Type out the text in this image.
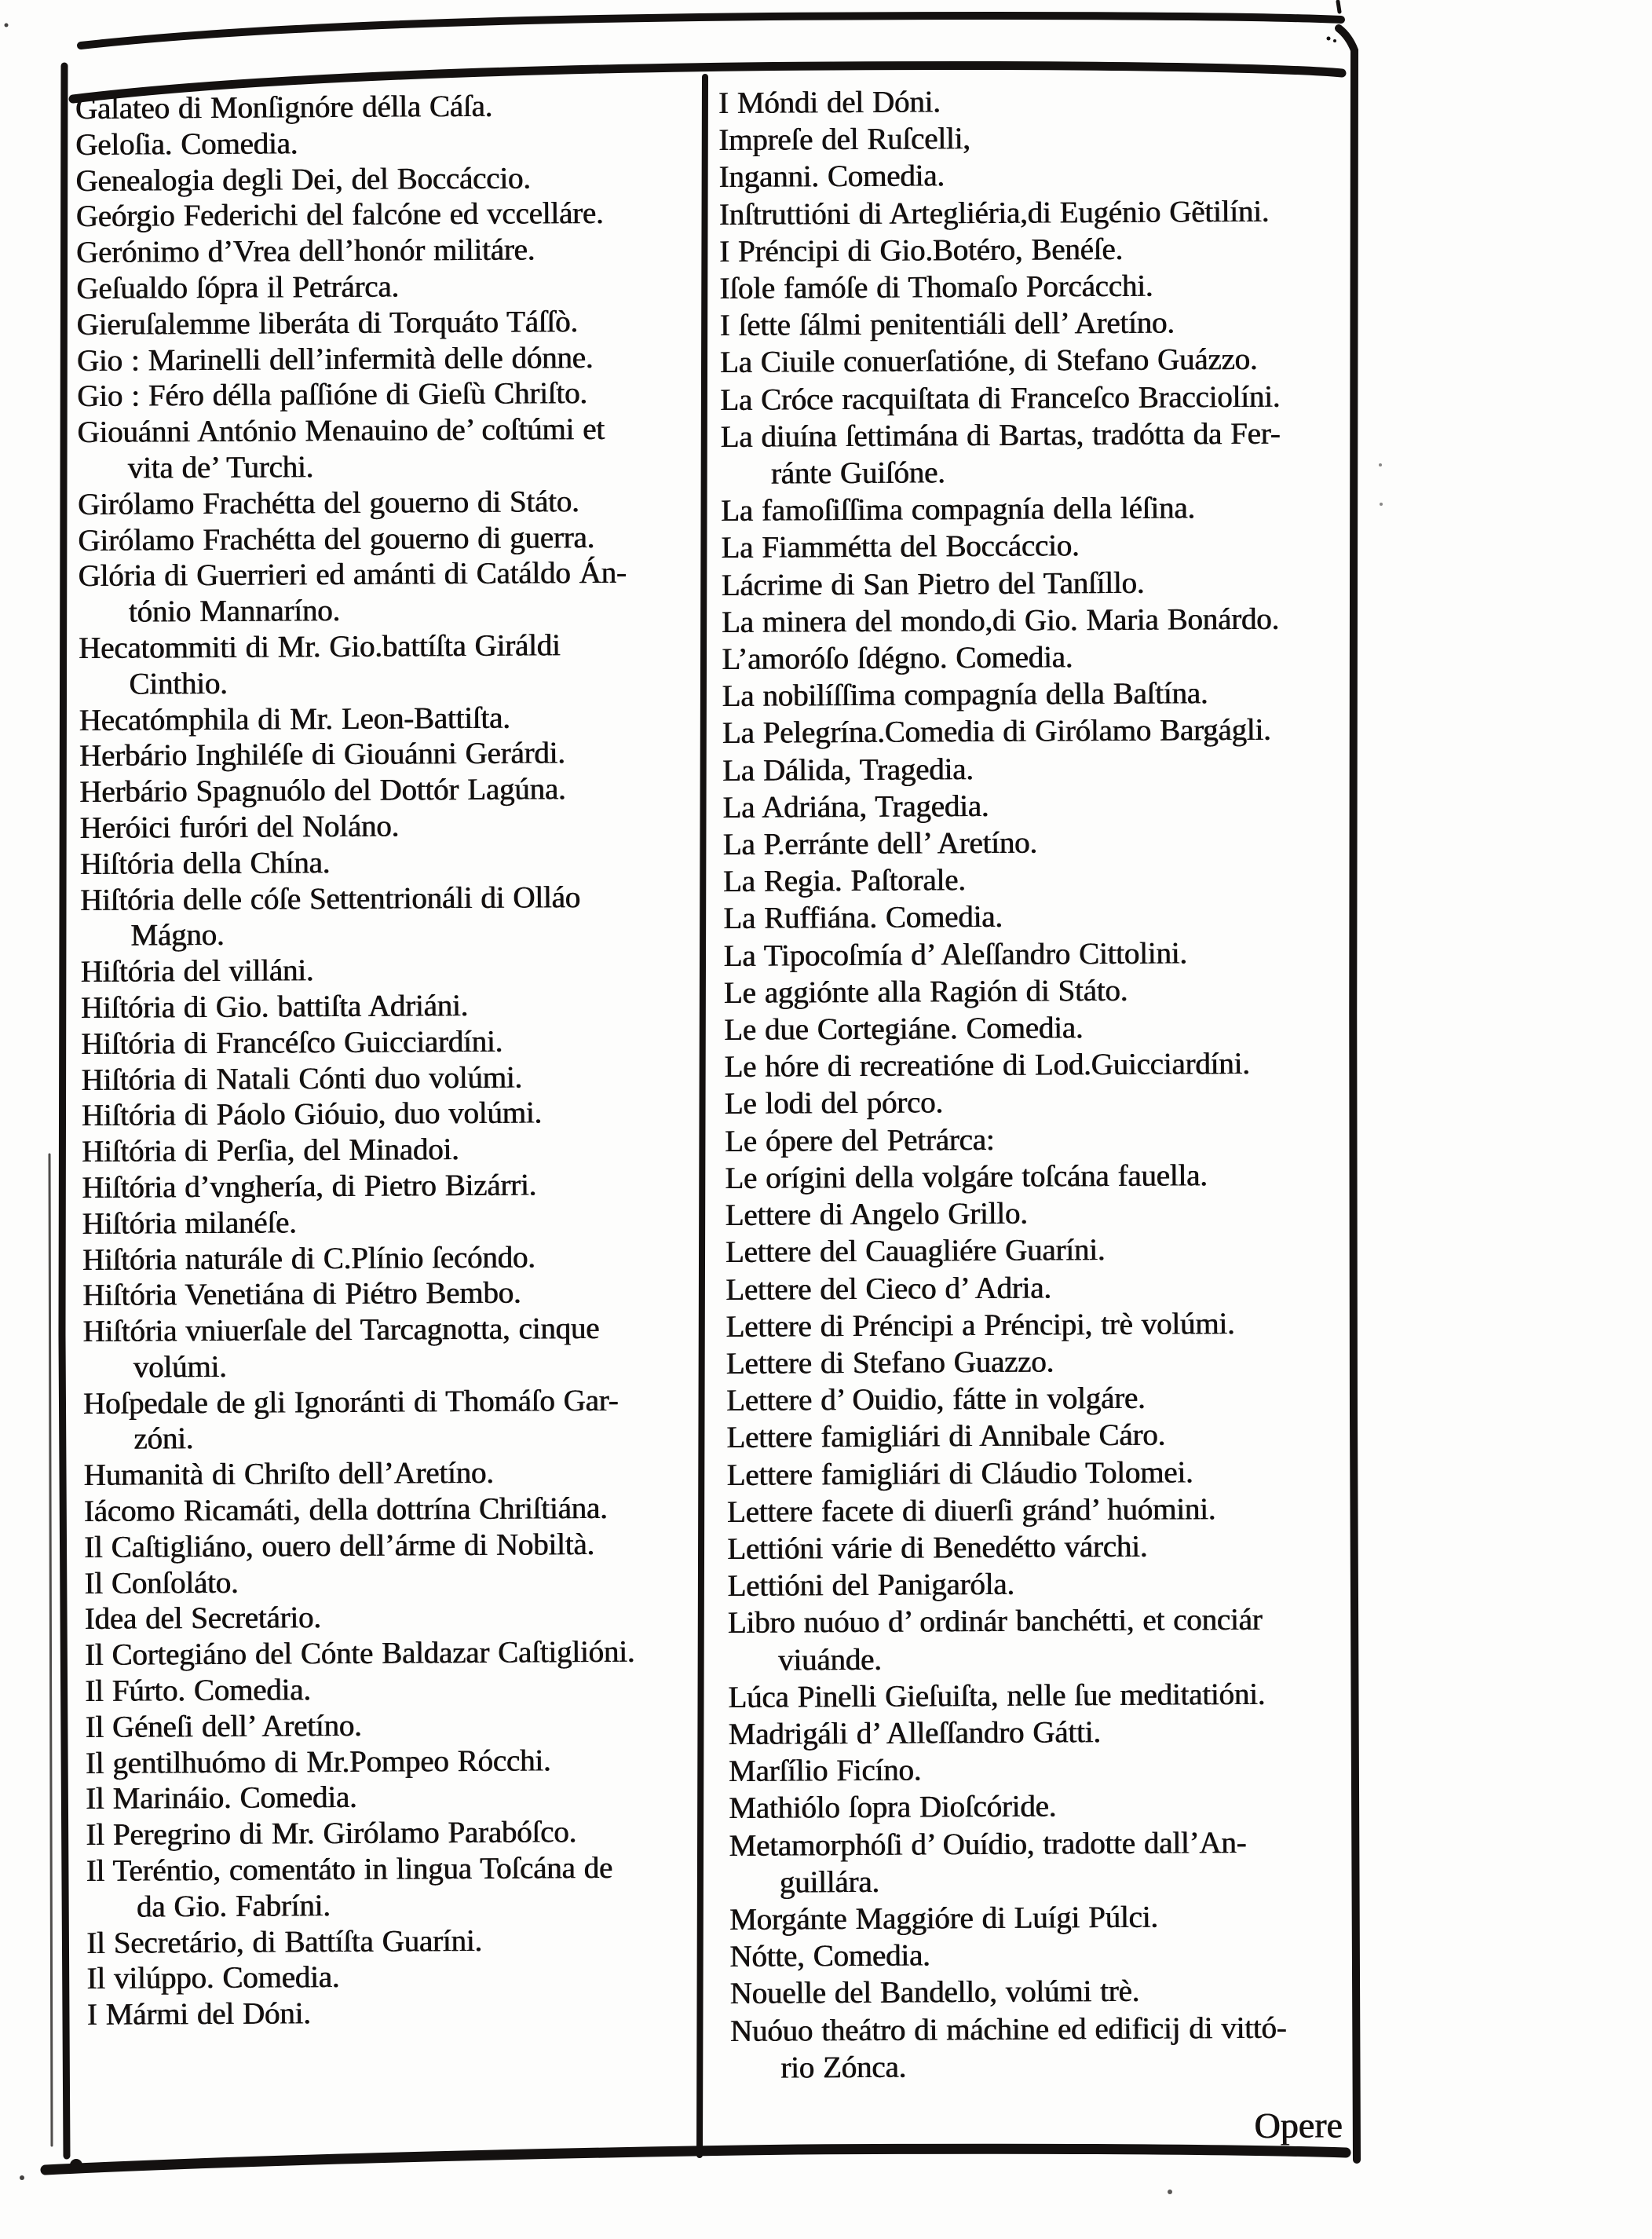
Galateo di Monſignóre délla Cáſa.
Geloſia. Comedia.
Genealogia degli Dei, del Boccáccio.
Geórgio Federichi del falcóne ed vccelláre.
Gerónimo d’Vrea dell’honór militáre.
Geſualdo ſópra il Petrárca.
Gieruſalemme liberáta di Torquáto Táſſò.
Gio : Marinelli dell’infermità delle dónne.
Gio : Féro délla paſſióne di Gieſù Chriſto.
Giouánni António Menauino de’ coſtúmi et
vita de’ Turchi.
Girólamo Frachétta del gouerno di Státo.
Girólamo Frachétta del gouerno di guerra.
Glória di Guerrieri ed amánti di Catáldo Án-
tónio Mannaríno.
Hecatommiti di Mr. Gio.battíſta Giráldi
Cinthio.
Hecatómphila di Mr. Leon-Battiſta.
Herbário Inghiléſe di Giouánni Gerárdi.
Herbário Spagnuólo del Dottór Lagúna.
Heróici furóri del Noláno.
Hiſtória della Chína.
Hiſtória delle cóſe Settentrionáli di Olláo
Mágno.
Hiſtória del villáni.
Hiſtória di Gio. battiſta Adriáni.
Hiſtória di Francéſco Guicciardíni.
Hiſtória di Natali Cónti duo volúmi.
Hiſtória di Páolo Gióuio, duo volúmi.
Hiſtória di Perſia, del Minadoi.
Hiſtória d’vnghería, di Pietro Bizárri.
Hiſtória milanéſe.
Hiſtória naturále di C.Plínio ſecóndo.
Hiſtória Venetiána di Piétro Bembo.
Hiſtória vniuerſale del Tarcagnotta, cinque
volúmi.
Hoſpedale de gli Ignoránti di Thomáſo Gar-
zóni.
Humanità di Chriſto dell’Aretíno.
Iácomo Ricamáti, della dottrína Chriſtiána.
Il Caſtigliáno, ouero dell’árme di Nobiltà.
Il Conſoláto.
Idea del Secretário.
Il Cortegiáno del Cónte Baldazar Caſtiglióni.
Il Fúrto. Comedia.
Il Géneſi dell’ Aretíno.
Il gentilhuómo di Mr.Pompeo Rócchi.
Il Marináio. Comedia.
Il Peregrino di Mr. Girólamo Parabóſco.
Il Teréntio, comentáto in lingua Toſcána de
da Gio. Fabríni.
Il Secretário, di Battíſta Guaríni.
Il vilúppo. Comedia.
I Mármi del Dóni.
I Móndi del Dóni.
Impreſe del Ruſcelli,
Inganni. Comedia.
Inſtruttióni di Artegliéria,di Eugénio Gẽtilíni.
I Préncipi di Gio.Botéro, Benéſe.
Iſole famóſe di Thomaſo Porcácchi.
I ſette ſálmi penitentiáli dell’ Aretíno.
La Ciuile conuerſatióne, di Stefano Guázzo.
La Cróce racquiſtata di Franceſco Bracciolíni.
La diuína ſettimána di Bartas, tradótta da Fer-
ránte Guiſóne.
La famoſiſſima compagnía della léſina.
La Fiammétta del Boccáccio.
Lácrime di San Pietro del Tanſíllo.
La minera del mondo,di Gio. Maria Bonárdo.
L’amoróſo ſdégno. Comedia.
La nobilíſſima compagnía della Baſtína.
La Pelegrína.Comedia di Girólamo Bargágli.
La Dálida, Tragedia.
La Adriána, Tragedia.
La P.erránte dell’ Aretíno.
La Regia. Paſtorale.
La Ruffiána. Comedia.
La Tipocoſmía d’ Aleſſandro Cittolini.
Le aggiónte alla Ragión di Státo.
Le due Cortegiáne. Comedia.
Le hóre di recreatióne di Lod.Guicciardíni.
Le lodi del pórco.
Le ópere del Petrárca:
Le orígini della volgáre toſcána fauella.
Lettere di Angelo Grillo.
Lettere del Cauagliére Guaríni.
Lettere del Cieco d’ Adria.
Lettere di Préncipi a Préncipi, trè volúmi.
Lettere di Stefano Guazzo.
Lettere d’ Ouidio, fátte in volgáre.
Lettere famigliári di Annibale Cáro.
Lettere famigliári di Cláudio Tolomei.
Lettere facete di diuerſi gránd’ huómini.
Lettióni várie di Benedétto várchi.
Lettióni del Panigaróla.
Libro nuóuo d’ ordinár banchétti, et conciár
viuánde.
Lúca Pinelli Gieſuiſta, nelle ſue meditatióni.
Madrigáli d’ Alleſſandro Gátti.
Marſílio Ficíno.
Mathiólo ſopra Dioſcóride.
Metamorphóſi d’ Ouídio, tradotte dall’An-
guillára.
Morgánte Maggióre di Luígi Púlci.
Nótte, Comedia.
Nouelle del Bandello, volúmi trè.
Nuóuo theátro di máchine ed edificij di vittó-
rio Zónca.
Opere
